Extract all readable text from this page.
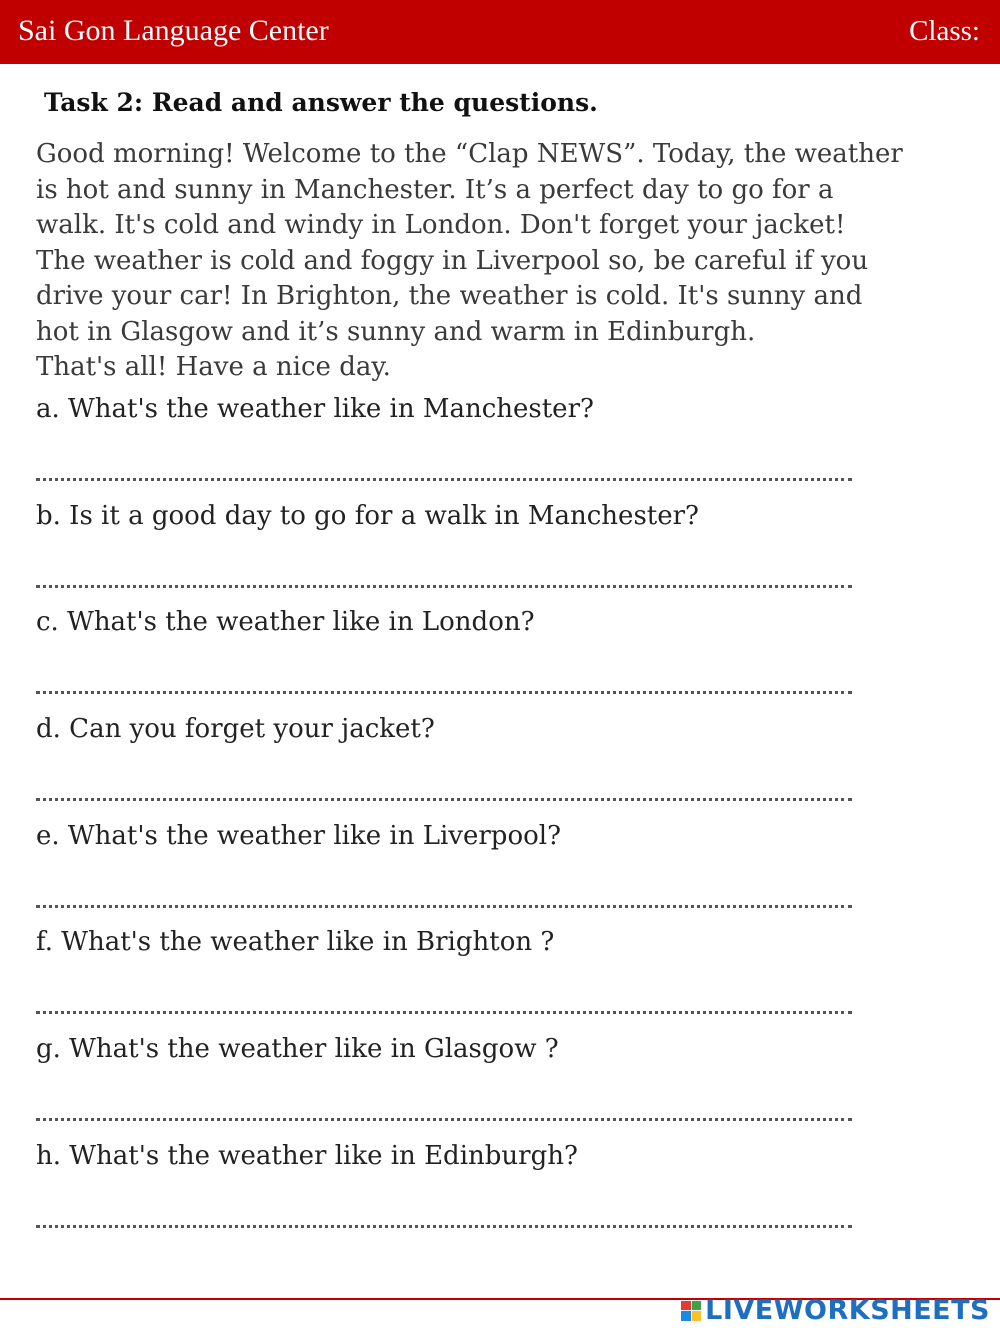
Sai Gon Language Center	Class:
Task 2: Read and answer the questions.
Good morning! Welcome to the “Clap NEWS”. Today, the weather
is hot and sunny in Manchester. It’s a perfect day to go for a
walk. It's cold and windy in London. Don't forget your jacket!
The weather is cold and foggy in Liverpool so, be careful if you
drive your car! In Brighton, the weather is cold. It's sunny and
hot in Glasgow and it’s sunny and warm in Edinburgh.
That's all! Have a nice day.
a. What's the weather like in Manchester?
b. Is it a good day to go for a walk in Manchester?
c. What's the weather like in London?
d. Can you forget your jacket?
e. What's the weather like in Liverpool?
f. What's the weather like in Brighton ?
g. What's the weather like in Glasgow ?
h. What's the weather like in Edinburgh?
LIVEWORKSHEETS
